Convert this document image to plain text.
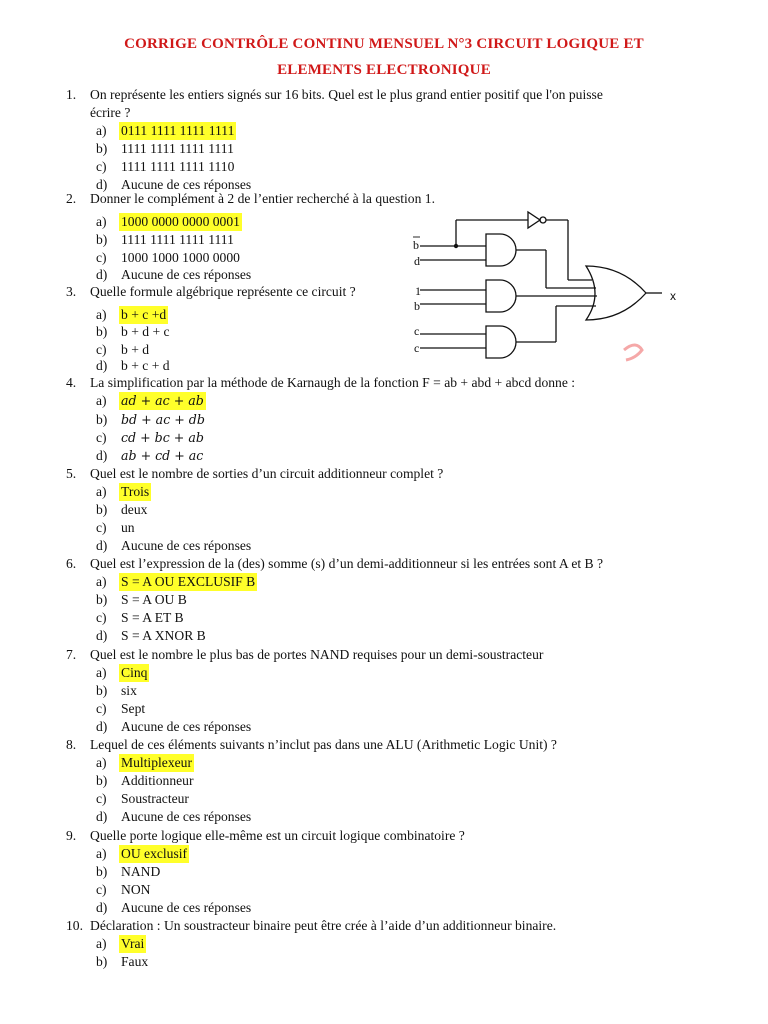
CORRIGE CONTRÔLE CONTINU MENSUEL N°3 CIRCUIT LOGIQUE ET
ELEMENTS ELECTRONIQUE
1.	On représente les entiers signés sur 16 bits. Quel est le plus grand entier positif que l'on puisse
écrire ?
a) 0111 1111 1111 1111
b) 1111 1111 1111 1111
c) 1111 1111 1111 1110
d) Aucune de ces réponses
2.	Donner le complément à 2 de l’entier recherché à la question 1.
a) 1000 0000 0000 0001
b) 1111 1111 1111 1111
c) 1000 1000 1000 0000
d) Aucune de ces réponses
3.	Quelle formule algébrique représente ce circuit ?
a)b + c +d
b) b + d + c
c) b + d
d) b + c + d
4.	La simplification par la méthode de Karnaugh de la fonction F = ab + abd + abcd donne :
a) ad + ac + ab
b) bd + ac + db
c) cd + bc + ab
d) ab + cd + ac
5.	Quel est le nombre de sorties d’un circuit additionneur complet ?
a) Trois
b) deux
c) un
d) Aucune de ces réponses
6.	Quel est l’expression de la (des) somme (s) d’un demi-additionneur si les entrées sont A et B ?
a) S = A OU EXCLUSIF B
b) S = A OU B
c) S = A ET B
d) S = A XNOR B
7.	Quel est le nombre le plus bas de portes NAND requises pour un demi-soustracteur
a) Cinq
b) six
c) Sept
d) Aucune de ces réponses
8.	Lequel de ces éléments suivants n’inclut pas dans une ALU (Arithmetic Logic Unit) ?
a) Multiplexeur
b) Additionneur
c) Soustracteur
d) Aucune de ces réponses
9.	Quelle porte logique elle-même est un circuit logique combinatoire ?
a) OU exclusif
b) NAND
c) NON
d) Aucune de ces réponses
10. Déclaration : Un soustracteur binaire peut être crée à l’aide d’un additionneur binaire.
a) Vrai
b) Faux
b
d
1
b
c
c
x
